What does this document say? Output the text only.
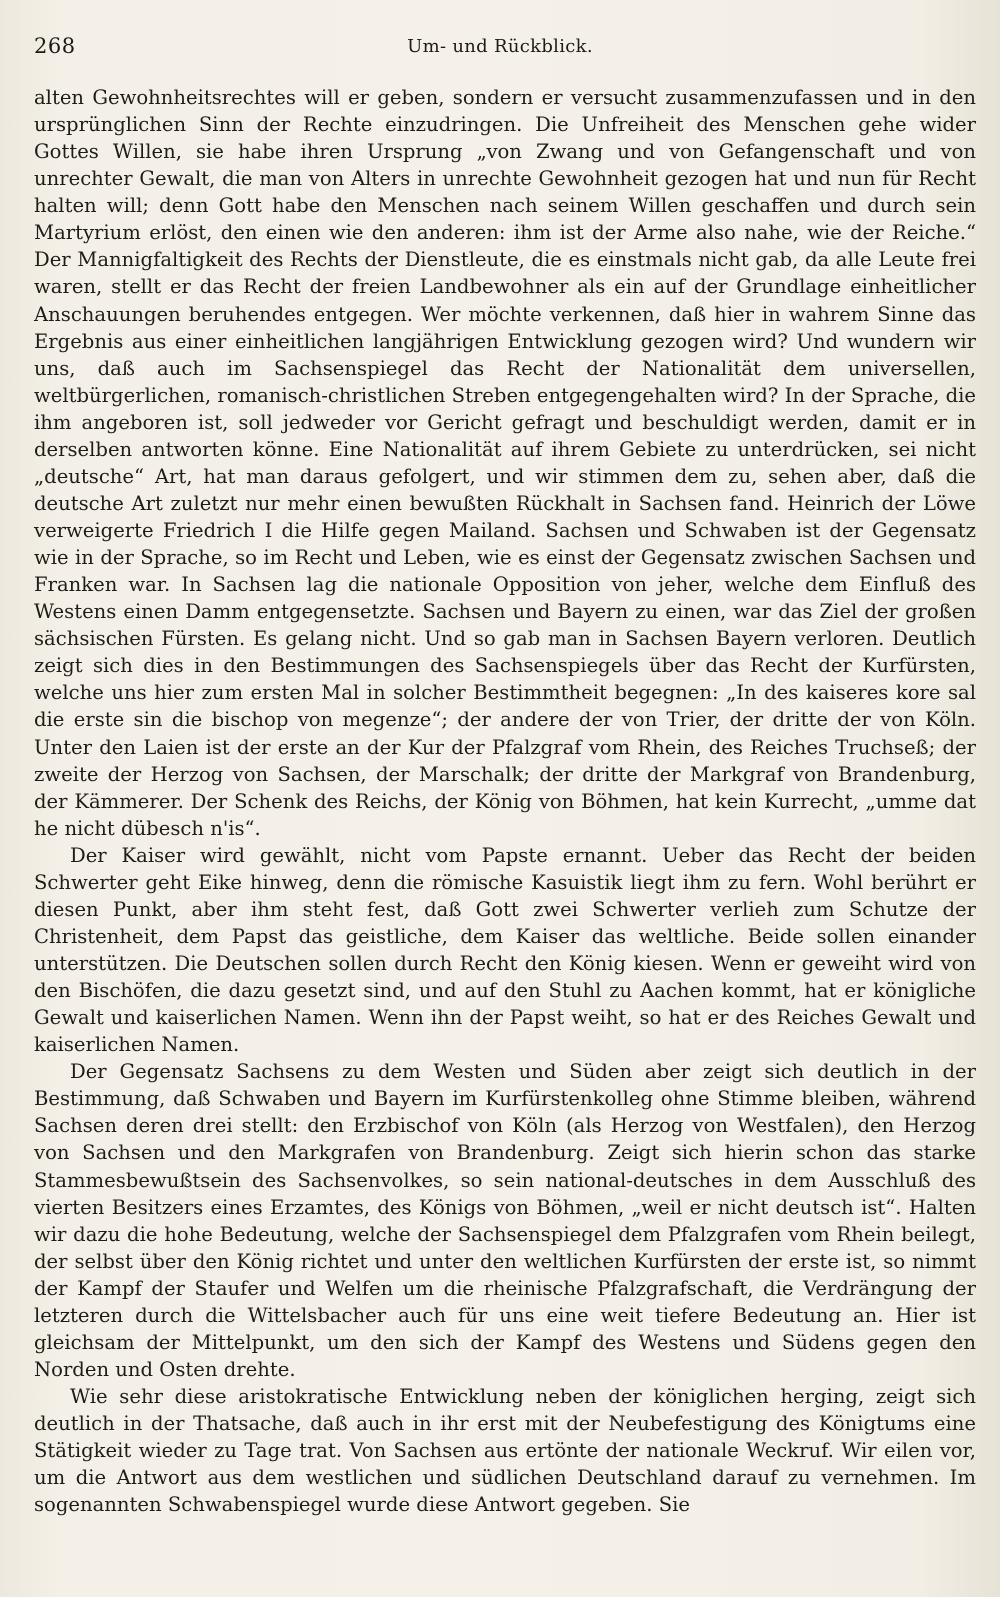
268	Um- und Rückblick.

alten Gewohnheitsrechtes will er geben, sondern er versucht zusammenzufassen und in den ursprünglichen Sinn der Rechte einzudringen. Die Unfreiheit des Menschen gehe wider Gottes Willen, sie habe ihren Ursprung „von Zwang und von Gefangenschaft und von unrechter Gewalt, die man von Alters in unrechte Gewohnheit gezogen hat und nun für Recht halten will; denn Gott habe den Menschen nach seinem Willen geschaffen und durch sein Martyrium erlöst, den einen wie den anderen: ihm ist der Arme also nahe, wie der Reiche.“ Der Mannigfaltigkeit des Rechts der Dienstleute, die es einstmals nicht gab, da alle Leute frei waren, stellt er das Recht der freien Landbewohner als ein auf der Grundlage einheitlicher Anschauungen beruhendes entgegen. Wer möchte verkennen, daß hier in wahrem Sinne das Ergebnis aus einer einheitlichen langjährigen Entwicklung gezogen wird? Und wundern wir uns, daß auch im Sachsenspiegel das Recht der Nationalität dem universellen, weltbürgerlichen, romanisch-christlichen Streben entgegengehalten wird? In der Sprache, die ihm angeboren ist, soll jedweder vor Gericht gefragt und beschuldigt werden, damit er in derselben antworten könne. Eine Nationalität auf ihrem Gebiete zu unterdrücken, sei nicht „deutsche“ Art, hat man daraus gefolgert, und wir stimmen dem zu, sehen aber, daß die deutsche Art zuletzt nur mehr einen bewußten Rückhalt in Sachsen fand. Heinrich der Löwe verweigerte Friedrich I die Hilfe gegen Mailand. Sachsen und Schwaben ist der Gegensatz wie in der Sprache, so im Recht und Leben, wie es einst der Gegensatz zwischen Sachsen und Franken war. In Sachsen lag die nationale Opposition von jeher, welche dem Einfluß des Westens einen Damm entgegensetzte. Sachsen und Bayern zu einen, war das Ziel der großen sächsischen Fürsten. Es gelang nicht. Und so gab man in Sachsen Bayern verloren. Deutlich zeigt sich dies in den Bestimmungen des Sachsenspiegels über das Recht der Kurfürsten, welche uns hier zum ersten Mal in solcher Bestimmtheit begegnen: „In des kaiseres kore sal die erste sin die bischop von megenze“; der andere der von Trier, der dritte der von Köln. Unter den Laien ist der erste an der Kur der Pfalzgraf vom Rhein, des Reiches Truchseß; der zweite der Herzog von Sachsen, der Marschalk; der dritte der Markgraf von Brandenburg, der Kämmerer. Der Schenk des Reichs, der König von Böhmen, hat kein Kurrecht, „umme dat he nicht dübesch n'is“.

Der Kaiser wird gewählt, nicht vom Papste ernannt. Ueber das Recht der beiden Schwerter geht Eike hinweg, denn die römische Kasuistik liegt ihm zu fern. Wohl berührt er diesen Punkt, aber ihm steht fest, daß Gott zwei Schwerter verlieh zum Schutze der Christenheit, dem Papst das geistliche, dem Kaiser das weltliche. Beide sollen einander unterstützen. Die Deutschen sollen durch Recht den König kiesen. Wenn er geweiht wird von den Bischöfen, die dazu gesetzt sind, und auf den Stuhl zu Aachen kommt, hat er königliche Gewalt und kaiserlichen Namen. Wenn ihn der Papst weiht, so hat er des Reiches Gewalt und kaiserlichen Namen.

Der Gegensatz Sachsens zu dem Westen und Süden aber zeigt sich deutlich in der Bestimmung, daß Schwaben und Bayern im Kurfürstenkolleg ohne Stimme bleiben, während Sachsen deren drei stellt: den Erzbischof von Köln (als Herzog von Westfalen), den Herzog von Sachsen und den Markgrafen von Brandenburg. Zeigt sich hierin schon das starke Stammesbewußtsein des Sachsenvolkes, so sein national-deutsches in dem Ausschluß des vierten Besitzers eines Erzamtes, des Königs von Böhmen, „weil er nicht deutsch ist“. Halten wir dazu die hohe Bedeutung, welche der Sachsenspiegel dem Pfalzgrafen vom Rhein beilegt, der selbst über den König richtet und unter den weltlichen Kurfürsten der erste ist, so nimmt der Kampf der Staufer und Welfen um die rheinische Pfalzgrafschaft, die Verdrängung der letzteren durch die Wittelsbacher auch für uns eine weit tiefere Bedeutung an. Hier ist gleichsam der Mittelpunkt, um den sich der Kampf des Westens und Südens gegen den Norden und Osten drehte.

Wie sehr diese aristokratische Entwicklung neben der königlichen herging, zeigt sich deutlich in der Thatsache, daß auch in ihr erst mit der Neubefestigung des Königtums eine Stätigkeit wieder zu Tage trat. Von Sachsen aus ertönte der nationale Weckruf. Wir eilen vor, um die Antwort aus dem westlichen und südlichen Deutschland darauf zu vernehmen. Im sogenannten Schwabenspiegel wurde diese Antwort gegeben. Sie
